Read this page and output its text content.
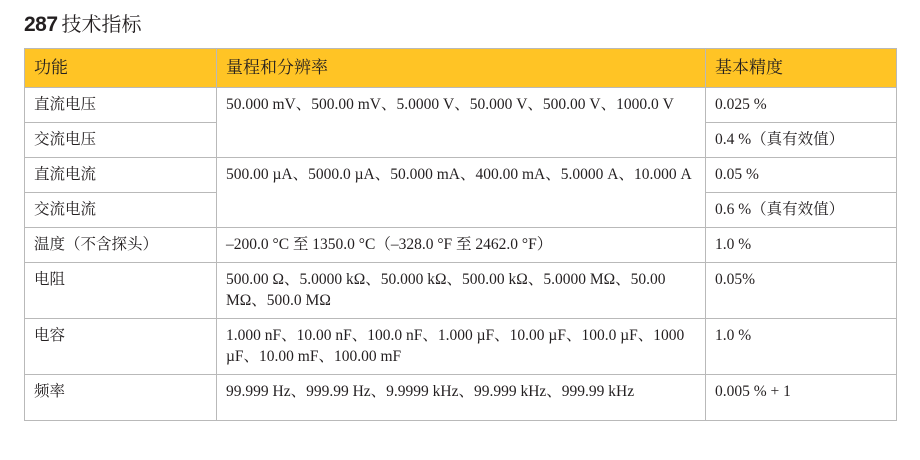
287 技术指标
功能	量程和分辨率	基本精度
直流电压	50.000 mV、500.00 mV、5.0000 V、50.000 V、500.00 V、1000.0 V	0.025 %
交流电压		0.4 %（真有效值）
直流电流	500.00 µA、5000.0 µA、50.000 mA、400.00 mA、5.0000 A、10.000 A	0.05 %
交流电流		0.6 %（真有效值）
温度（不含探头）	–200.0 °C 至 1350.0 °C（–328.0 °F 至 2462.0 °F）	1.0 %
电阻	500.00 Ω、5.0000 kΩ、50.000 kΩ、500.00 kΩ、5.0000 MΩ、50.00 MΩ、500.0 MΩ	0.05%
电容	1.000 nF、10.00 nF、100.0 nF、1.000 µF、10.00 µF、100.0 µF、1000 µF、10.00 mF、100.00 mF	1.0 %
频率	99.999 Hz、999.99 Hz、9.9999 kHz、99.999 kHz、999.99 kHz	0.005 % + 1
